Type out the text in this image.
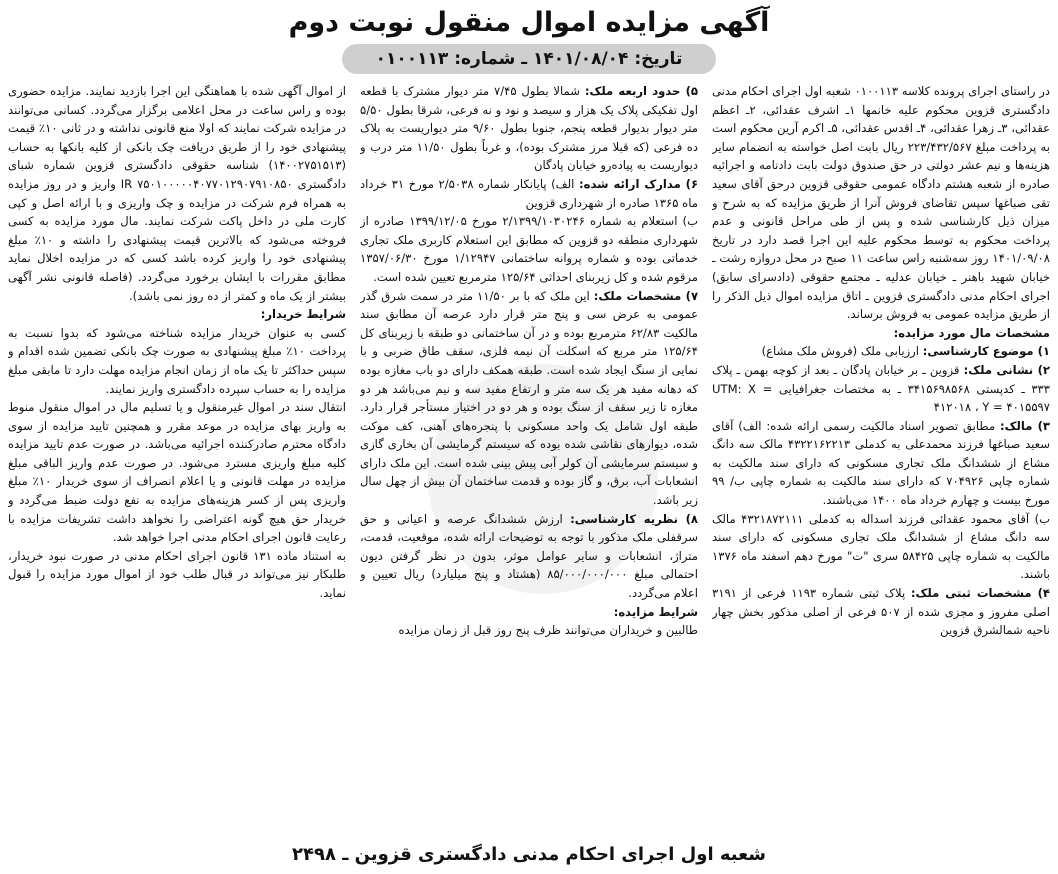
آگهی مزایده اموال منقول نوبت دوم
تاریخ: ۱۴۰۱/۰۸/۰۴ ـ شماره: ۰۱۰۰۱۱۳

در راستای اجرای پرونده کلاسه ۰۱۰۰۱۱۳ شعبه اول اجرای احکام مدنی دادگستری قزوین محکوم علیه خانمها ۱ـ اشرف عقدائی، ۲ـ اعظم عقدائی، ۳ـ زهرا عقدائی، ۴ـ اقدس عقدائی، ۵ـ اکرم آرین محکوم است به پرداخت مبلغ ۲۲۳/۴۳۲/۵۶۷ ریال بابت اصل خواسته به انضمام سایر هزینه‌ها و نیم عشر دولتی در حق صندوق دولت بابت دادنامه و اجرائیه صادره از شعبه هشتم دادگاه عمومی حقوقی قزوین درحق آقای سعید تقی صباغها سپس تقاضای فروش آنرا از طریق مزایده که به شرح و میزان ذیل کارشناسی شده و پس از طی مراحل قانونی و عدم پرداخت محکوم به توسط محکوم علیه این اجرا قصد دارد در تاریخ ۱۴۰۱/۰۹/۰۸ روز سه‌شنبه راس ساعت ۱۱ صبح در محل دروازه رشت ـ خیابان شهید باهنر ـ خیابان عدلیه ـ مجتمع حقوقی (دادسرای سابق) اجرای احکام مدنی دادگستری قزوین ـ اتاق مزایده اموال ذیل الذکر را از طریق مزایده عمومی به فروش برساند.

مشخصات مال مورد مزایده:

۱) موضوع کارشناسی: ارزیابی ملک (فروش ملک مشاع)

۲) نشانی ملک: قزوین ـ بر خیابان پادگان ـ بعد از کوچه بهمن ـ پلاک ۳۳۳ ـ کدپستی ۳۴۱۵۶۹۸۵۶۸ ـ به مختصات جغرافیایی UTM: X = ۴۱۲۰۱۸ ، Y = ۴۰۱۵۵۹۷

۳) مالک: مطابق تصویر اسناد مالکیت رسمی ارائه شده: الف) آقای سعید صباغها فرزند محمدعلی به کدملی ۴۳۲۲۱۶۲۲۱۳ مالک سه دانگ مشاع از ششدانگ ملک تجاری مسکونی که دارای سند مالکیت به شماره چاپی ۷۰۴۹۲۶ که دارای سند مالکیت به شماره چاپی ب/ ۹۹ مورخ بیست و چهارم خرداد ماه ۱۴۰۰ می‌باشند.

ب) آقای محمود عقدائی فرزند اسداله به کدملی ۴۳۲۱۸۷۲۱۱۱ مالک سه دانگ مشاع از ششدانگ ملک تجاری مسکونی که دارای سند مالکیت به شماره چاپی ۵۸۴۲۵ سری "ت" مورخ دهم اسفند ماه ۱۳۷۶ باشند.

۴) مشخصات ثبتی ملک: پلاک ثبتی شماره ۱۱۹۳ فرعی از ۳۱۹۱ اصلی مفروز و مجزی شده از ۵۰۷ فرعی از اصلی مذکور بخش چهار ناحیه شمالشرق قزوین

۵) حدود اربعه ملک: شمالا بطول ۷/۴۵ متر دیوار مشترک با قطعه اول تفکیکی پلاک یک هزار و سیصد و نود و نه فرعی، شرقا بطول ۵/۵۰ متر دیوار بدیوار قطعه پنجم، جنوبا بطول ۹/۶۰ متر دیواریست به پلاک ده فرعی (که قبلا مرز مشترک بوده)، و غرباً بطول ۱۱/۵۰ متر درب و دیواریست به پیاده‌رو خیابان پادگان

۶) مدارک ارائه شده: الف) پایانکار شماره ۲/۵۰۳۸ مورخ ۳۱ خرداد ماه ۱۳۶۵ صادره از شهرداری قزوین

ب) استعلام به شماره ۲/۱۳۹۹/۱۰۳۰۲۴۶ مورخ ۱۳۹۹/۱۲/۰۵ صادره از شهرداری منطقه دو قزوین که مطابق این استعلام کاربری ملک تجاری خدماتی بوده و شماره پروانه ساختمانی ۱/۱۲۹۴۷ مورخ ۱۳۵۷/۰۶/۳۰ مرقوم شده و کل زیربنای احداثی ۱۲۵/۶۴ مترمربع تعیین شده است.

۷) مشخصات ملک: این ملک که با بر ۱۱/۵۰ متر در سمت شرق گذر عمومی به عرض سی و پنج متر قرار دارد عرصه آن مطابق سند مالکیت ۶۲/۸۳ مترمربع بوده و در آن ساختمانی دو طبقه با زیربنای کل ۱۲۵/۶۴ متر مربع که اسکلت آن نیمه فلزی، سقف طاق ضربی و با نمایی از سنگ ایجاد شده است. طبقه همکف دارای دو باب مغازه بوده که دهانه مفید هر یک سه متر و ارتفاع مفید سه و نیم می‌باشد هر دو مغازه تا زیر سقف از سنگ بوده و هر دو در اختیار مستأجر قرار دارد. طبقه اول شامل یک واحد مسکونی با پنجره‌های آهنی، کف موکت شده، دیوارهای نقاشی شده بوده که سیستم گرمایشی آن بخاری گازی و سیستم سرمایشی آن کولر آبی پیش بینی شده است. این ملک دارای انشعابات آب، برق، و گاز بوده و قدمت ساختمان آن بیش از چهل سال زیر باشد.

۸) نظریه کارشناسی: ارزش ششدانگ عرصه و اعیانی و حق سرقفلی ملک مذکور با توجه به توضیحات ارائه شده، موقعیت، قدمت، متراژ، انشعابات و سایر عوامل موثر، بدون در نظر گرفتن دیون احتمالی مبلغ ۸۵/۰۰۰/۰۰۰/۰۰۰ (هشتاد و پنج میلیارد) ریال تعیین و اعلام می‌گردد.

شرایط مزایده:

طالبین و خریداران می‌توانند ظرف پنج روز قبل از زمان مزایده

از اموال آگهی شده با هماهنگی این اجرا بازدید نمایند. مزایده حضوری بوده و راس ساعت در محل اعلامی برگزار می‌گردد. کسانی می‌توانند در مزایده شرکت نمایند که اولا منع قانونی نداشته و در ثانی ۱۰٪ قیمت پیشنهادی خود را از طریق دریافت چک بانکی از کلیه بانکها به حساب (۱۴۰۰۲۷۵۱۵۱۳) شناسه حقوقی دادگستری قزوین شماره شبای دادگستری IR ۷۵۰۱۰۰۰۰۰۴۰۷۷۰۱۲۹۰۷۹۱۰۸۵۰ واریز و در روز مزایده به همراه فرم شرکت در مزایده و چک واریزی و با ارائه اصل و کپی کارت ملی در داخل پاکت شرکت نمایند. مال مورد مزایده به کسی فروخته می‌شود که بالاترین قیمت پیشنهادی را داشته و ۱۰٪ مبلغ پیشنهادی خود را واریز کرده باشد کسی که در مزایده اخلال نماید مطابق مقررات با ایشان برخورد می‌گردد. (فاصله قانونی نشر آگهی بیشتر از یک ماه و کمتر از ده روز نمی باشد).

شرایط خریدار:

کسی به عنوان خریدار مزایده شناخته می‌شود که بدوا نسبت به پرداخت ۱۰٪ مبلغ پیشنهادی به صورت چک بانکی تضمین شده اقدام و سپس حداکثر تا یک ماه از زمان انجام مزایده مهلت دارد تا مابقی مبلغ مزایده را به حساب سپرده دادگستری واریز نمایند.

انتقال سند در اموال غیرمنقول و یا تسلیم مال در اموال منقول منوط به واریز بهای مزایده در موعد مقرر و همچنین تایید مزایده از سوی دادگاه محترم صادرکننده اجرائیه می‌باشد. در صورت عدم تایید مزایده کلیه مبلغ واریزی مسترد می‌شود. در صورت عدم واریز الباقی مبلغ مزایده در مهلت قانونی و یا اعلام انصراف از سوی خریدار ۱۰٪ مبلغ واریزی پس از کسر هزینه‌های مزایده به نفع دولت ضبط می‌گردد و خریدار حق هیچ گونه اعتراضی را نخواهد داشت تشریفات مزایده با رعایت قانون اجرای احکام مدنی اجرا خواهد شد.

به استناد ماده ۱۳۱ قانون اجرای احکام مدنی در صورت نبود خریدار، طلبکار نیز می‌تواند در قبال طلب خود از اموال مورد مزایده را قبول نماید.

شعبه اول اجرای احکام مدنی دادگستری قزوین ـ ۲۴۹۸
